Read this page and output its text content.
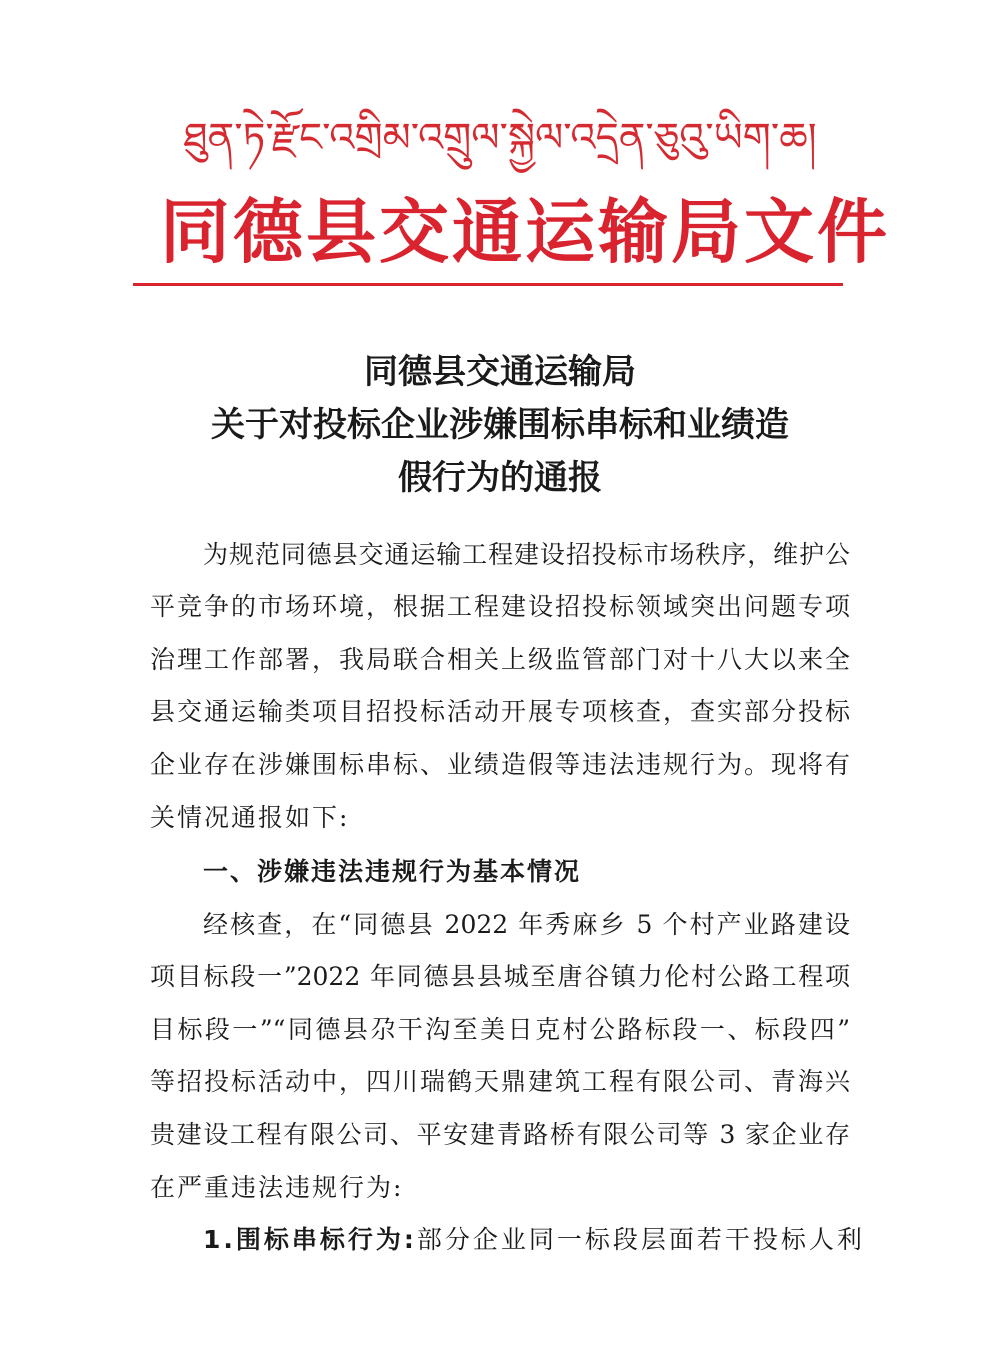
ཐུན་ཏེ་རྫོང་འགྲིམ་འགྲུལ་སྐྱེལ་འདྲེན་ཅུའུ་ཡིག་ཆ།
同德县交通运输局文件
同德县交通运输局
关于对投标企业涉嫌围标串标和业绩造
假行为的通报
为规范同德县交通运输工程建设招投标市场秩序，维护公
平竞争的市场环境，根据工程建设招投标领域突出问题专项
治理工作部署，我局联合相关上级监管部门对十八大以来全
县交通运输类项目招投标活动开展专项核查，查实部分投标
企业存在涉嫌围标串标、业绩造假等违法违规行为。现将有
关情况通报如下:
一、涉嫌违法违规行为基本情况
经核查，在“同德县 2022 年秀麻乡 5 个村产业路建设
项目标段一”2022 年同德县县城至唐谷镇力伦村公路工程项
目标段一”“同德县尕干沟至美日克村公路标段一、标段四”
等招投标活动中，四川瑞鹤天鼎建筑工程有限公司、青海兴
贵建设工程有限公司、平安建青路桥有限公司等 3 家企业存
在严重违法违规行为:
1.围标串标行为:部分企业同一标段层面若干投标人利
